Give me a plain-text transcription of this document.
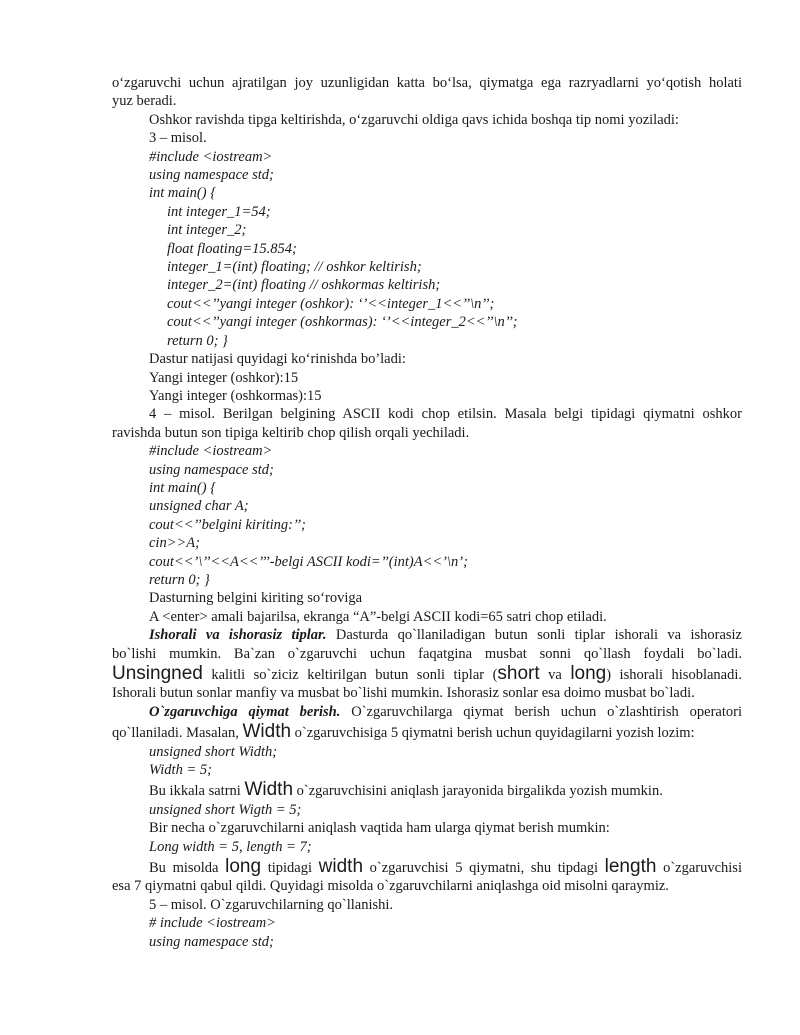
o‘zgaruvchi uchun ajratilgan joy uzunligidan katta bo‘lsa, qiymatga ega razryadlarni yo‘qotish holati
yuz beradi.
Oshkor ravishda tipga keltirishda, o‘zgaruvchi oldiga qavs ichida boshqa tip nomi yoziladi:
3 – misol.
#include <iostream>
using namespace std;
int main() {
int integer_1=54;
int integer_2;
float floating=15.854;
integer_1=(int) floating; // oshkor keltirish;
integer_2=(int) floating // oshkormas keltirish;
cout<<’’yangi integer (oshkor): ‘’<<integer_1<<’’\n’’;
cout<<’’yangi integer (oshkormas): ‘’<<integer_2<<’’\n’’;
return 0; }
Dastur natijasi quyidagi ko‘rinishda bo’ladi:
Yangi integer (oshkor):15
Yangi integer (oshkormas):15
4 – misol. Berilgan belgining ASCII kodi chop etilsin. Masala belgi tipidagi qiymatni oshkor
ravishda butun son tipiga keltirib chop qilish orqali yechiladi.
#include <iostream>
using namespace std;
int main() {
unsigned char A;
cout<<’’belgini kiriting:’’;
cin>>A;
cout<<’\’’<<A<<’’’-belgi ASCII kodi=’’(int)A<<’\n’;
return 0; }
Dasturning belgini kiriting so‘roviga
A <enter> amali bajarilsa, ekranga “A”-belgi ASCII kodi=65 satri chop etiladi.
Ishorali va ishorasiz tiplar. Dasturda qo`llaniladigan butun sonli tiplar ishorali va ishorasiz
bo`lishi mumkin. Ba`zan o`zgaruvchi uchun faqatgina musbat sonni qo`llash foydali bo`ladi.
Unsingned kalitli so`ziciz keltirilgan butun sonli tiplar (short va long) ishorali hisoblanadi.
Ishorali butun sonlar manfiy va musbat bo`lishi mumkin. Ishorasiz sonlar esa doimo musbat bo`ladi.
O`zgaruvchiga qiymat berish. O`zgaruvchilarga qiymat berish uchun o`zlashtirish operatori
qo`llaniladi. Masalan, Width o`zgaruvchisiga 5 qiymatni berish uchun quyidagilarni yozish lozim:
unsigned short Width;
Width = 5;
Bu ikkala satrni Width o`zgaruvchisini aniqlash jarayonida birgalikda yozish mumkin.
unsigned short Wigth = 5;
Bir necha o`zgaruvchilarni aniqlash vaqtida ham ularga qiymat berish mumkin:
Long width = 5, length = 7;
Bu misolda long tipidagi width o`zgaruvchisi 5 qiymatni, shu tipdagi length o`zgaruvchisi
esa 7 qiymatni qabul qildi. Quyidagi misolda o`zgaruvchilarni aniqlashga oid misolni qaraymiz.
5 – misol. O`zgaruvchilarning qo`llanishi.
# include <iostream>
using namespace std;
